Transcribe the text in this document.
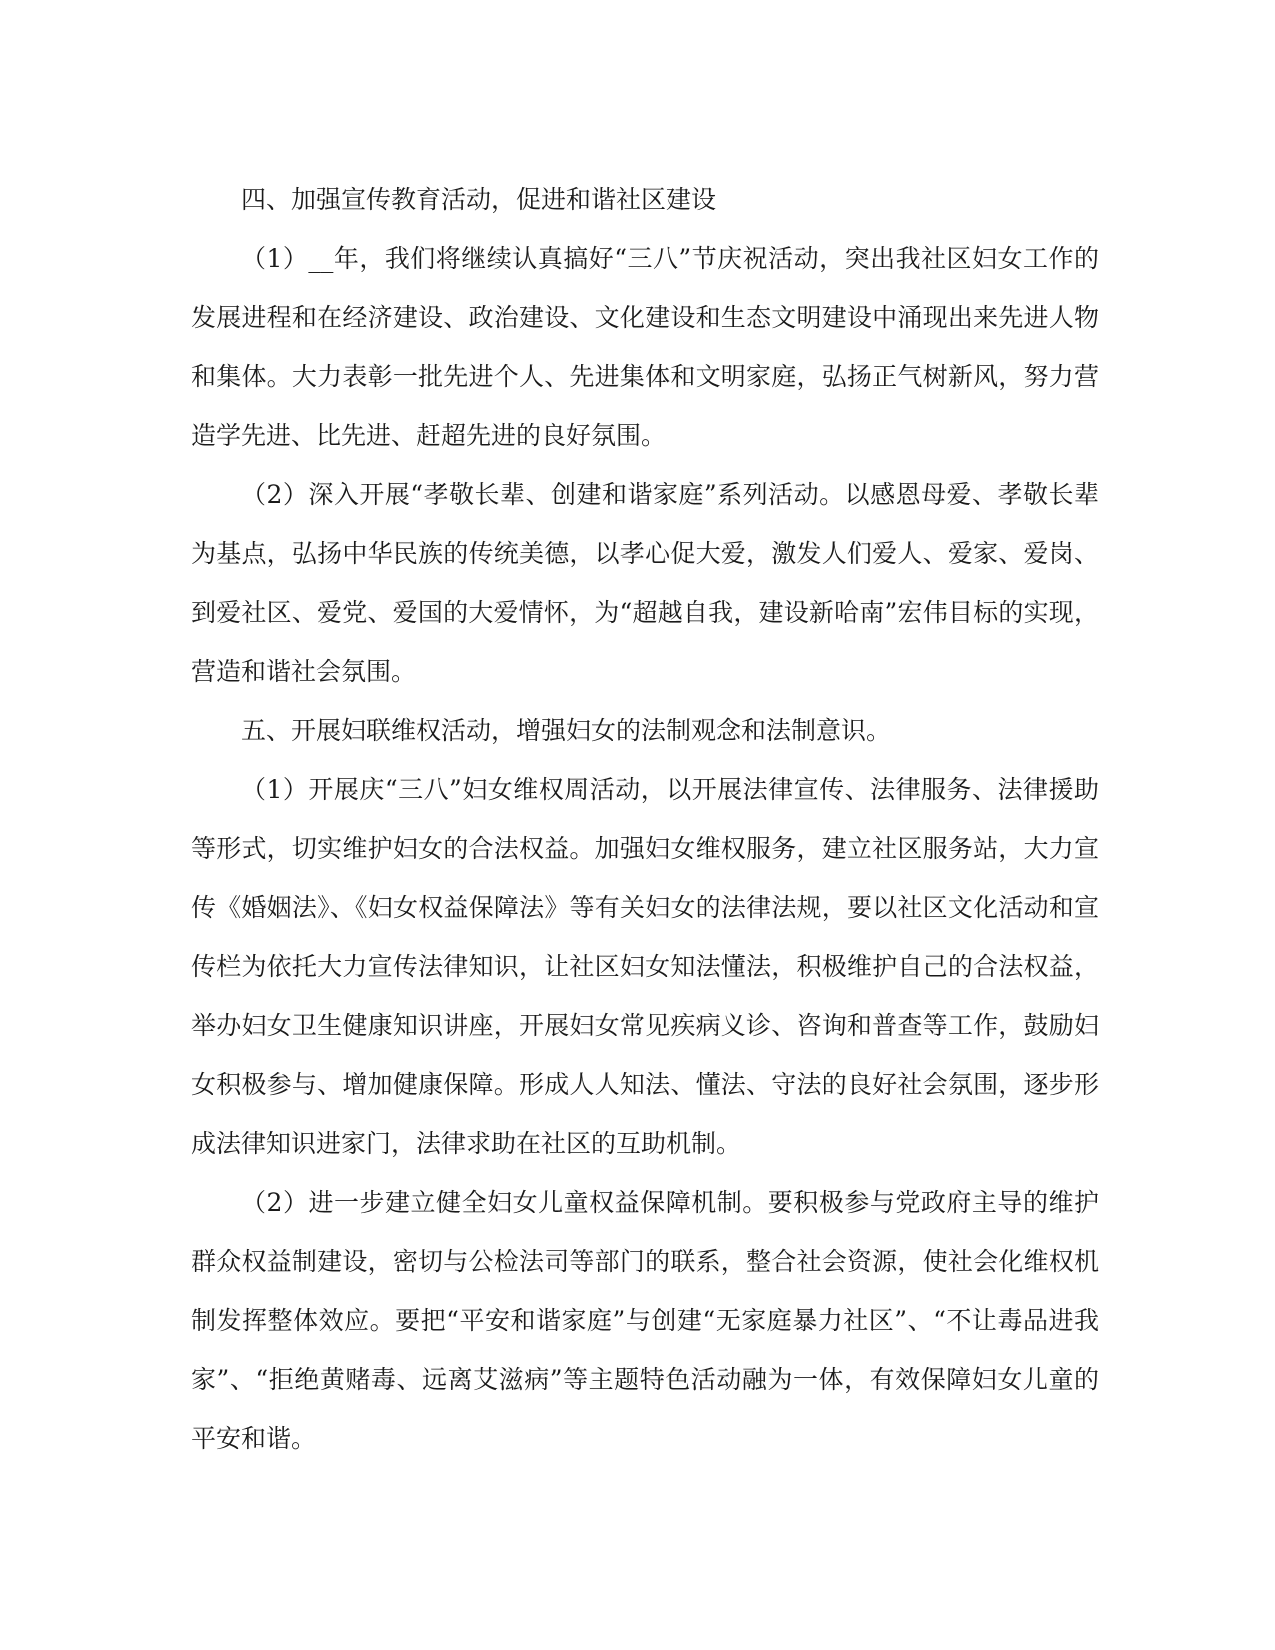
四、加强宣传教育活动，促进和谐社区建设

（1）__年，我们将继续认真搞好“三八”节庆祝活动，突出我社区妇女工作的发展进程和在经济建设、政治建设、文化建设和生态文明建设中涌现出来先进人物和集体。大力表彰一批先进个人、先进集体和文明家庭，弘扬正气树新风，努力营造学先进、比先进、赶超先进的良好氛围。

（2）深入开展“孝敬长辈、创建和谐家庭”系列活动。以感恩母爱、孝敬长辈为基点，弘扬中华民族的传统美德，以孝心促大爱，激发人们爱人、爱家、爱岗、到爱社区、爱党、爱国的大爱情怀，为“超越自我，建设新哈南”宏伟目标的实现，营造和谐社会氛围。

五、开展妇联维权活动，增强妇女的法制观念和法制意识。

（1）开展庆“三八”妇女维权周活动，以开展法律宣传、法律服务、法律援助等形式，切实维护妇女的合法权益。加强妇女维权服务，建立社区服务站，大力宣传《婚姻法》、《妇女权益保障法》等有关妇女的法律法规，要以社区文化活动和宣传栏为依托大力宣传法律知识，让社区妇女知法懂法，积极维护自己的合法权益，举办妇女卫生健康知识讲座，开展妇女常见疾病义诊、咨询和普查等工作，鼓励妇女积极参与、增加健康保障。形成人人知法、懂法、守法的良好社会氛围，逐步形成法律知识进家门，法律求助在社区的互助机制。

（2）进一步建立健全妇女儿童权益保障机制。要积极参与党政府主导的维护群众权益制建设，密切与公检法司等部门的联系，整合社会资源，使社会化维权机制发挥整体效应。要把“平安和谐家庭”与创建“无家庭暴力社区”、“不让毒品进我家”、“拒绝黄赌毒、远离艾滋病”等主题特色活动融为一体，有效保障妇女儿童的平安和谐。
